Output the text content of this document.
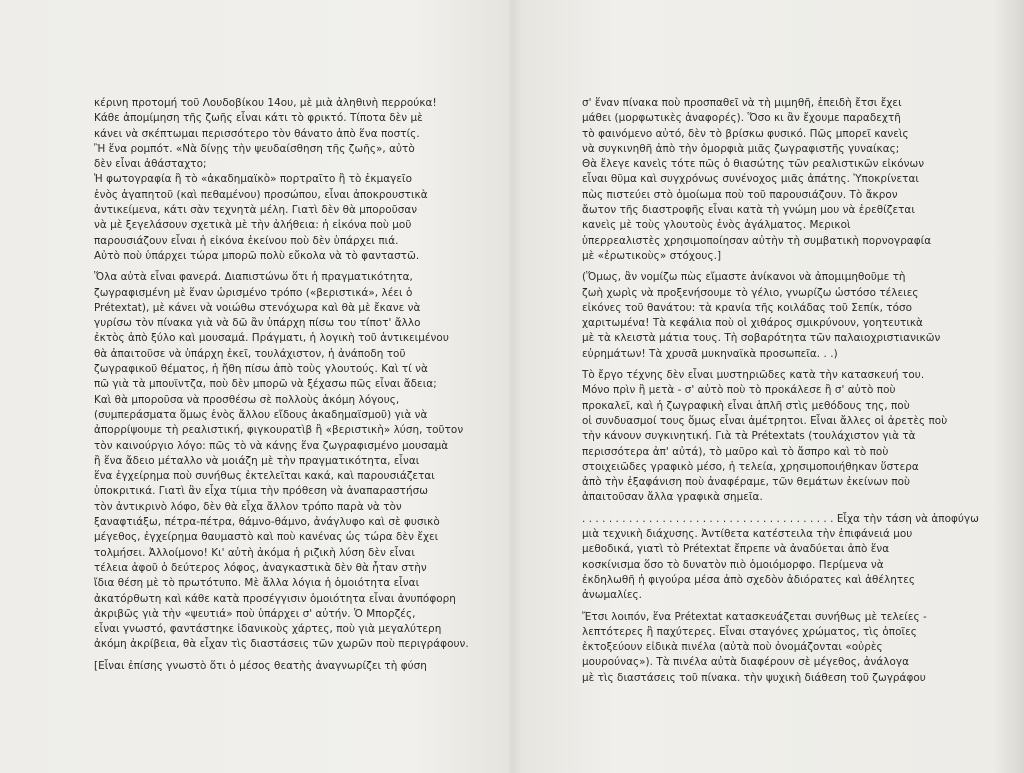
κέρινη προτομή τοῦ Λουδοβίκου 14ου, μὲ μιὰ ἀληθινὴ περρούκα!
Κάθε ἀπομίμηση τῆς ζωῆς εἶναι κάτι τὸ φρικτό. Τίποτα δὲν μὲ
κάνει νὰ σκέπτωμαι περισσότερο τὸν θάνατο ἀπὸ ἕνα ποστίς.
Ἢ ἕνα ρομπότ. «Νὰ δίνῃς τὴν ψευδαίσθηση τῆς ζωῆς», αὐτὸ
δὲν εἶναι ἀθάσταχτο;
Ἡ φωτογραφία ἢ τὸ «ἀκαδημαϊκὸ» πορτραῖτο ἢ τὸ ἐκμαγεῖο
ἑνὸς ἀγαπητοῦ (καὶ πεθαμένου) προσώπου, εἶναι ἀποκρουστικὰ
ἀντικείμενα, κάτι σὰν τεχνητὰ μέλη. Γιατὶ δὲν θὰ μποροῦσαν
νὰ μὲ ξεγελάσουν σχετικὰ μὲ τὴν ἀλήθεια: ἡ εἰκόνα ποὺ μοῦ
παρουσιάζουν εἶναι ἡ εἰκόνα ἐκείνου ποὺ δὲν ὑπάρχει πιά.
Αὐτὸ ποὺ ὑπάρχει τώρα μπορῶ πολὺ εὔκολα νὰ τὸ φανταστῶ.
Ὅλα αὐτὰ εἶναι φανερά. Διαπιστώνω ὅτι ἡ πραγματικότητα,
ζωγραφισμένη μὲ ἕναν ὡρισμένο τρόπο («βεριστικά», λέει ὁ
Prétextat), μὲ κάνει νὰ νοιώθω στενόχωρα καὶ θὰ μὲ ἔκανε νὰ
γυρίσω τὸν πίνακα γιὰ νὰ δῶ ἂν ὑπάρχη πίσω του τίποτ' ἄλλο
ἐκτὸς ἀπὸ ξύλο καὶ μουσαμά. Πράγματι, ἡ λογικὴ τοῦ ἀντικειμένου
θὰ ἀπαιτοῦσε νὰ ὑπάρχη ἐκεῖ, τουλάχιστον, ἡ ἀνάποδη τοῦ
ζωγραφικοῦ θέματος, ἡ ἤθη πίσω ἀπὸ τοὺς γλουτούς. Καὶ τί νὰ
πῶ γιὰ τὰ μπουϊντζα, ποὺ δὲν μπορῶ νὰ ξέχασω πῶς εἶναι ἄδεια;
Καὶ θὰ μποροῦσα νὰ προσθέσω σὲ πολλοὺς ἀκόμη λόγους,
(συμπεράσματα ὅμως ἑνὸς ἄλλου εἴδους ἀκαδημαϊσμοῦ) γιὰ νὰ
ἀπορρίψουμε τὴ ρεαλιστική, φιγκουρατὶβ ἢ «βεριστικὴ» λύση, τοῦτον
τὸν καινούργιο λόγο: πῶς τὸ νὰ κάνῃς ἕνα ζωγραφισμένο μουσαμὰ
ἢ ἕνα ἄδειο μέταλλο νὰ μοιάζη μὲ τὴν πραγματικότητα, εἶναι
ἕνα ἐγχείρημα ποὺ συνήθως ἐκτελεῖται κακά, καὶ παρουσιάζεται
ὑποκριτικά. Γιατὶ ἂν εἶχα τίμια τὴν πρόθεση νὰ ἀναπαραστήσω
τὸν ἀντικρινὸ λόφο, δὲν θὰ εἶχα ἄλλον τρόπο παρὰ νὰ τὸν
ξαναφτιάξω, πέτρα-πέτρα, θάμνο-θάμνο, ἀνάγλυφο καὶ σὲ φυσικὸ
μέγεθος, ἐγχείρημα θαυμαστὸ καὶ ποὺ κανένας ὡς τώρα δὲν ἔχει
τολμήσει. Ἀλλοίμονο! Κι' αὐτὴ ἀκόμα ἡ ριζικὴ λύση δὲν εἶναι
τέλεια ἀφοῦ ὁ δεύτερος λόφος, ἀναγκαστικὰ δὲν θὰ ἦταν στὴν
ἴδια θέση μὲ τὸ πρωτότυπο. Μὲ ἄλλα λόγια ἡ ὁμοιότητα εἶναι
ἀκατόρθωτη καὶ κάθε κατὰ προσέγγισιν ὁμοιότητα εἶναι ἀνυπόφορη
ἀκριβῶς γιὰ τὴν «ψευτιά» ποὺ ὑπάρχει σ' αὐτήν. Ὁ Μπορζές,
εἶναι γνωστό, φαντάστηκε ἰδανικοὺς χάρτες, ποὺ γιὰ μεγαλύτερη
ἀκόμη ἀκρίβεια, θὰ εἶχαν τὶς διαστάσεις τῶν χωρῶν ποὺ περιγράφουν.
[Εἶναι ἐπίσης γνωστὸ ὅτι ὁ μέσος θεατὴς ἀναγνωρίζει τὴ φύση
σ' ἕναν πίνακα ποὺ προσπαθεῖ νὰ τὴ μιμηθῆ, ἐπειδὴ ἔτσι ἔχει
μάθει (μορφωτικὲς ἀναφορές). Ὅσο κι ἂν ἔχουμε παραδεχτῆ
τὸ φαινόμενο αὐτό, δὲν τὸ βρίσκω φυσικό. Πῶς μπορεῖ κανεὶς
νὰ συγκινηθῆ ἀπὸ τὴν ὀμορφιὰ μιᾶς ζωγραφιστῆς γυναίκας;
Θὰ ἔλεγε κανεὶς τότε πῶς ὁ θιασώτης τῶν ρεαλιστικῶν εἰκόνων
εἶναι θῦμα καὶ συγχρόνως συνένοχος μιᾶς ἀπάτης. Ὑποκρίνεται
πὼς πιστεύει στὸ ὁμοίωμα ποὺ τοῦ παρουσιάζουν. Τὸ ἄκρον
ἄωτον τῆς διαστροφῆς εἶναι κατὰ τὴ γνώμη μου νὰ ἐρεθίζεται
κανεὶς μὲ τοὺς γλουτοὺς ἑνὸς ἀγάλματος. Μερικοὶ
ὑπερρεαλιστὲς χρησιμοποίησαν αὐτὴν τὴ συμβατικὴ πορνογραφία
μὲ «ἐρωτικοὺς» στόχους.]
(Ὅμως, ἂν νομίζω πὼς εἴμαστε ἀνίκανοι νὰ ἀπομιμηθοῦμε τὴ
ζωὴ χωρὶς νὰ προξενήσουμε τὸ γέλιο, γνωρίζω ὡστόσο τέλειες
εἰκόνες τοῦ θανάτου: τὰ κρανία τῆς κοιλάδας τοῦ Σεπίκ, τόσο
χαριτωμένα! Τὰ κεφάλια ποὺ οἱ χιθάρος σμικρύνουν, γοητευτικὰ
μὲ τὰ κλειστὰ μάτια τους. Τὴ σοβαρότητα τῶν παλαιοχριστιανικῶν
εὐρημάτων! Τὰ χρυσᾶ μυκηναϊκὰ προσωπεῖα. . .)
Τὸ ἔργο τέχνης δὲν εἶναι μυστηριῶδες κατὰ τὴν κατασκευή του.
Μόνο πρὶν ἢ μετὰ - σ' αὐτὸ ποὺ τὸ προκάλεσε ἢ σ' αὐτὸ ποὺ
προκαλεῖ, καὶ ἡ ζωγραφικὴ εἶναι ἁπλῆ στὶς μεθόδους της, ποὺ
οἱ συνδυασμοί τους ὅμως εἶναι ἀμέτρητοι. Εἶναι ἄλλες οἱ ἀρετὲς ποὺ
τὴν κάνουν συγκινητική. Γιὰ τὰ Prétextats (τουλάχιστον γιὰ τὰ
περισσότερα ἀπ' αὐτά), τὸ μαῦρο καὶ τὸ ἄσπρο καὶ τὸ ποὺ
στοιχειῶδες γραφικὸ μέσο, ἡ τελεία, χρησιμοποιήθηκαν ὕστερα
ἀπὸ τὴν ἐξαφάνιση ποὺ ἀναφέραμε, τῶν θεμάτων ἐκείνων ποὺ
ἀπαιτοῦσαν ἄλλα γραφικὰ σημεῖα.
. . . . . . . . . . . . . . . . . . . . . . . . . . . . . . . . . . . . . . Εἶχα τὴν τάση νὰ ἀποφύγω
μιὰ τεχνικὴ διάχυσης. Ἀντίθετα κατέστειλα τὴν ἐπιφάνειά μου
μεθοδικά, γιατὶ τὸ Prétextat ἔπρεπε νὰ ἀναδύεται ἀπὸ ἕνα
κοσκίνισμα ὅσο τὸ δυνατὸν πιὸ ὁμοιόμορφο. Περίμενα νὰ
ἐκδηλωθῆ ἡ φιγούρα μέσα ἀπὸ σχεδὸν ἀδιόρατες καὶ ἀθέλητες
ἀνωμαλίες.
Ἔτσι λοιπόν, ἕνα Prétextat κατασκευάζεται συνήθως μὲ τελείες -
λεπτότερες ἢ παχύτερες. Εἶναι σταγόνες χρώματος, τὶς ὁποῖες
ἐκτοξεύουν εἰδικὰ πινέλα (αὐτὰ ποὺ ὀνομάζονται «οὐρὲς
μουρούνας»). Τὰ πινέλα αὐτὰ διαφέρουν σὲ μέγεθος, ἀνάλογα
μὲ τὶς διαστάσεις τοῦ πίνακα. τὴν ψυχικὴ διάθεση τοῦ ζωγράφου
